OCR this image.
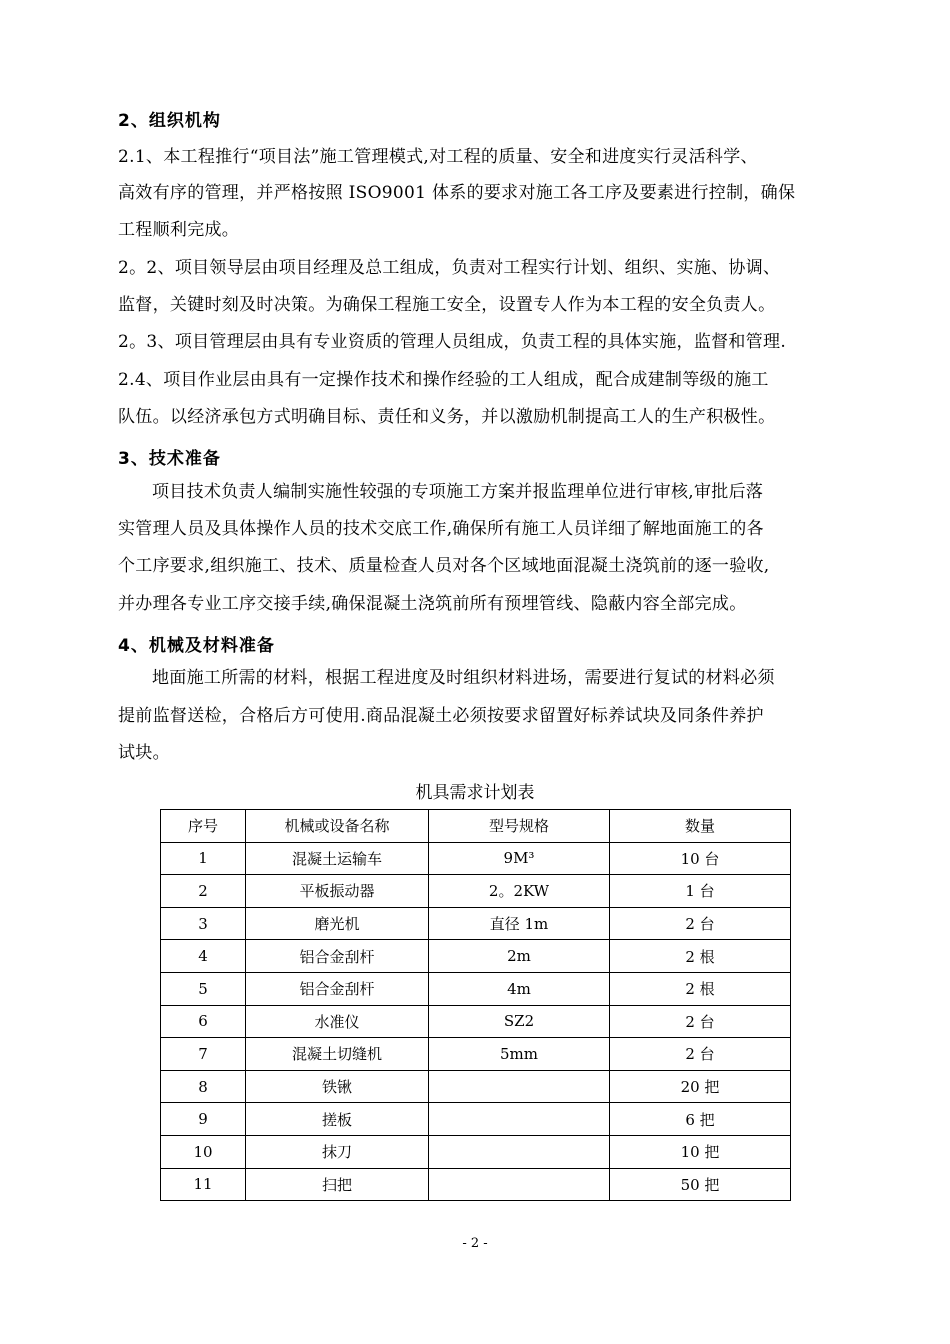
2、组织机构
2.1、本工程推行“项目法”施工管理模式,对工程的质量、安全和进度实行灵活科学、
高效有序的管理，并严格按照 ISO9001 体系的要求对施工各工序及要素进行控制，确保
工程顺利完成。
2。2、项目领导层由项目经理及总工组成，负责对工程实行计划、组织、实施、协调、
监督，关键时刻及时决策。为确保工程施工安全，设置专人作为本工程的安全负责人。
2。3、项目管理层由具有专业资质的管理人员组成，负责工程的具体实施，监督和管理.
2.4、项目作业层由具有一定操作技术和操作经验的工人组成，配合成建制等级的施工
队伍。以经济承包方式明确目标、责任和义务，并以激励机制提高工人的生产积极性。
3、技术准备
项目技术负责人编制实施性较强的专项施工方案并报监理单位进行审核,审批后落
实管理人员及具体操作人员的技术交底工作,确保所有施工人员详细了解地面施工的各
个工序要求,组织施工、技术、质量检查人员对各个区域地面混凝土浇筑前的逐一验收,
并办理各专业工序交接手续,确保混凝土浇筑前所有预埋管线、隐蔽内容全部完成。
4、机械及材料准备
地面施工所需的材料，根据工程进度及时组织材料进场，需要进行复试的材料必须
提前监督送检，合格后方可使用.商品混凝土必须按要求留置好标养试块及同条件养护
试块。
机具需求计划表
序号	机械或设备名称	型号规格	数量
1	混凝土运输车	9M³	10 台
2	平板振动器	2。2KW	1 台
3	磨光机	直径 1m	2 台
4	铝合金刮杆	2m	2 根
5	铝合金刮杆	4m	2 根
6	水准仪	SZ2	2 台
7	混凝土切缝机	5mm	2 台
8	铁锹		20 把
9	搓板		6 把
10	抹刀		10 把
11	扫把		50 把
- 2 -
